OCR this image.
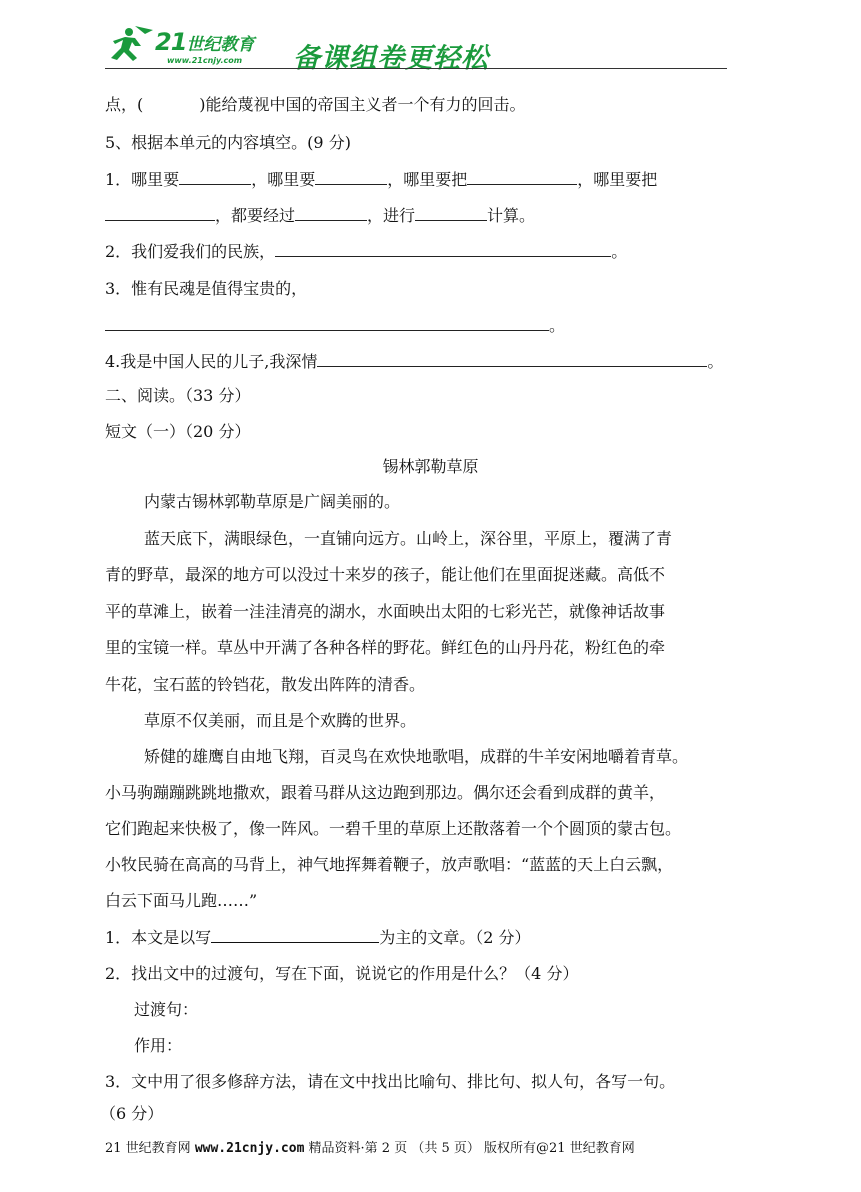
21世纪教育
www.21cnjy.com 备课组卷更轻松
点，(	)能给蔑视中国的帝国主义者一个有力的回击。
5、根据本单元的内容填空。(9 分)
1．哪里要	，哪里要	，哪里要把	，哪里要把
，都要经过	，进行	计算。
2．我们爱我们的民族，	。
3．惟有民魂是值得宝贵的，
。
4.我是中国人民的儿子,我深情	。
二、阅读。（33 分）
短文（一）（20 分）
锡林郭勒草原
内蒙古锡林郭勒草原是广阔美丽的。
蓝天底下，满眼绿色，一直铺向远方。山岭上，深谷里，平原上，覆满了青
青的野草，最深的地方可以没过十来岁的孩子，能让他们在里面捉迷藏。高低不
平的草滩上，嵌着一洼洼清亮的湖水，水面映出太阳的七彩光芒，就像神话故事
里的宝镜一样。草丛中开满了各种各样的野花。鲜红色的山丹丹花，粉红色的牵
牛花，宝石蓝的铃铛花，散发出阵阵的清香。
草原不仅美丽，而且是个欢腾的世界。
矫健的雄鹰自由地飞翔，百灵鸟在欢快地歌唱，成群的牛羊安闲地嚼着青草。
小马驹蹦蹦跳跳地撒欢，跟着马群从这边跑到那边。偶尔还会看到成群的黄羊，
它们跑起来快极了，像一阵风。一碧千里的草原上还散落着一个个圆顶的蒙古包。
小牧民骑在高高的马背上，神气地挥舞着鞭子，放声歌唱：“蓝蓝的天上白云飘，
白云下面马儿跑……”
1．本文是以写	为主的文章。（2 分）
2．找出文中的过渡句，写在下面，说说它的作用是什么？（4 分）
过渡句：
作用：
3．文中用了很多修辞方法，请在文中找出比喻句、排比句、拟人句，各写一句。
（6 分）
21 世纪教育网 www.21cnjy.com 精品资料·第 2 页 （共 5 页） 版权所有@21 世纪教育网
